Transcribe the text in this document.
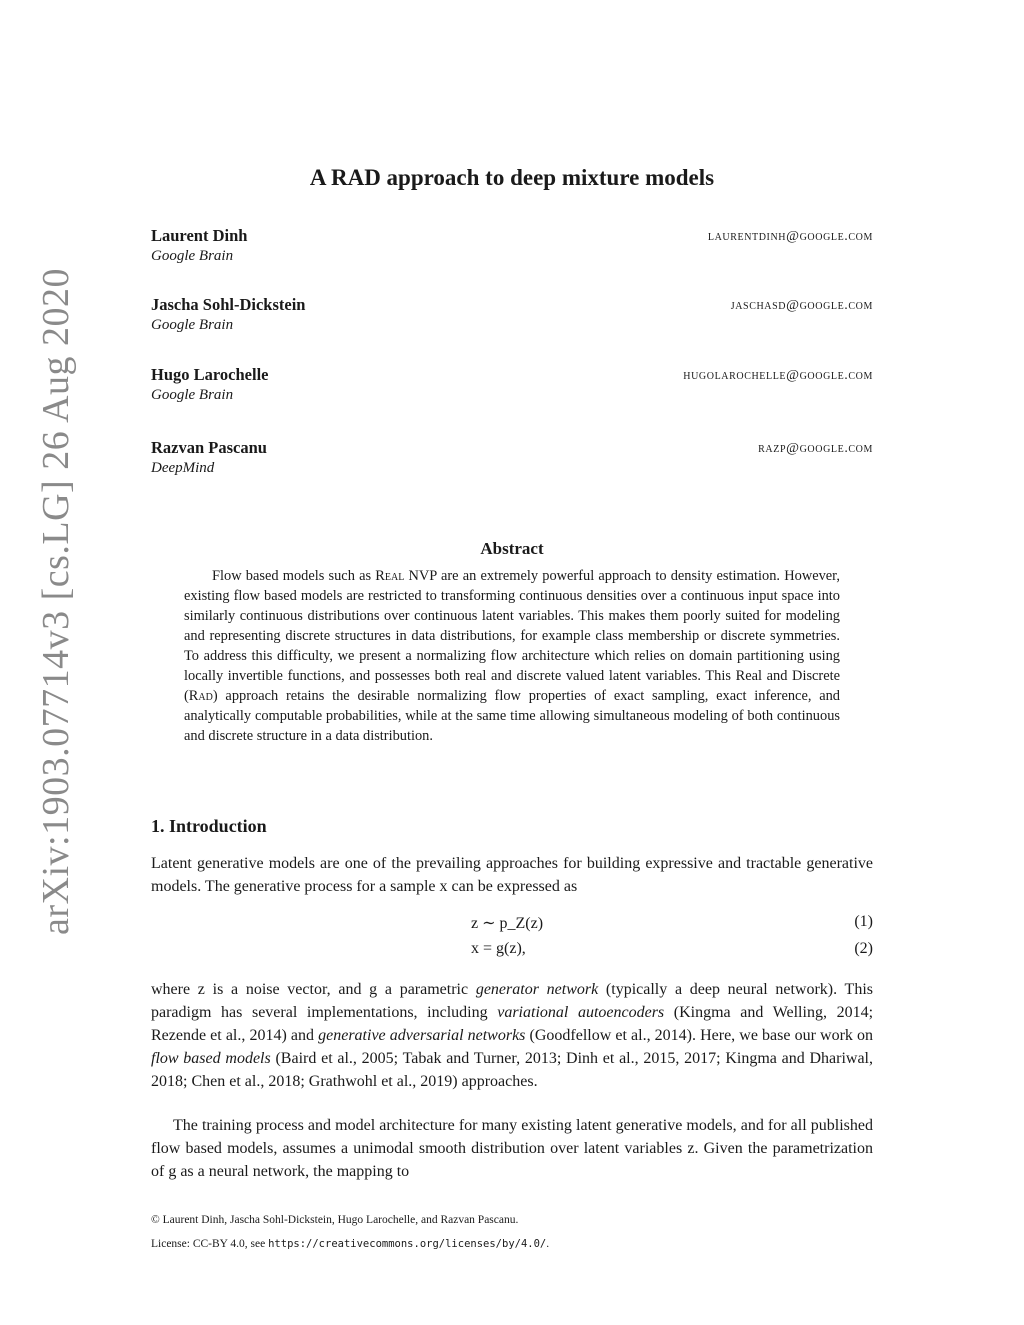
arXiv:1903.07714v3 [cs.LG] 26 Aug 2020
A RAD approach to deep mixture models
Laurent Dinh
Google Brain
laurentdinh@google.com
Jascha Sohl-Dickstein
Google Brain
jaschasd@google.com
Hugo Larochelle
Google Brain
hugolarochelle@google.com
Razvan Pascanu
DeepMind
razp@google.com
Abstract
Flow based models such as Real NVP are an extremely powerful approach to density estimation. However, existing flow based models are restricted to transforming continuous densities over a continuous input space into similarly continuous distributions over continuous latent variables. This makes them poorly suited for modeling and representing discrete structures in data distributions, for example class membership or discrete symmetries. To address this difficulty, we present a normalizing flow architecture which relies on domain partitioning using locally invertible functions, and possesses both real and discrete valued latent variables. This Real and Discrete (Rad) approach retains the desirable normalizing flow properties of exact sampling, exact inference, and analytically computable probabilities, while at the same time allowing simultaneous modeling of both continuous and discrete structure in a data distribution.
1. Introduction
Latent generative models are one of the prevailing approaches for building expressive and tractable generative models. The generative process for a sample x can be expressed as
z ∼ p_Z(z)	(1)
x = g(z),	(2)
where z is a noise vector, and g a parametric generator network (typically a deep neural network). This paradigm has several implementations, including variational autoencoders (Kingma and Welling, 2014; Rezende et al., 2014) and generative adversarial networks (Goodfellow et al., 2014). Here, we base our work on flow based models (Baird et al., 2005; Tabak and Turner, 2013; Dinh et al., 2015, 2017; Kingma and Dhariwal, 2018; Chen et al., 2018; Grathwohl et al., 2019) approaches.
The training process and model architecture for many existing latent generative models, and for all published flow based models, assumes a unimodal smooth distribution over latent variables z. Given the parametrization of g as a neural network, the mapping to
© Laurent Dinh, Jascha Sohl-Dickstein, Hugo Larochelle, and Razvan Pascanu.
License: CC-BY 4.0, see https://creativecommons.org/licenses/by/4.0/.
